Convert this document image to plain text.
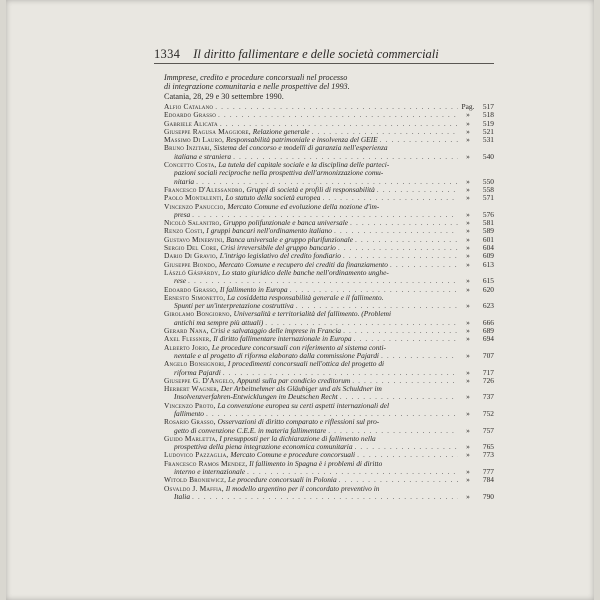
1334 Il diritto fallimentare e delle società commerciali
Immprese, credito e procedure concorsuali nel processo
di integrazione comunitaria e nelle prospettive del 1993.
Catania, 28, 29 e 30 settembre 1990.
Alfio Catalano . . .	Pag.	517
Edoardo Grasso . . .	»	518
Gabriele Alicata . . .	»	519
Giuseppe Ragusa Maggiore, Relazione generale . . .	»	521
Massimo Di Lauro, Responsabilità patrimoniale e insolvenza del GEIE . . .	»	531
Bruno Inzitari, Sistema del concorso e modelli di garanzia nell'esperienza
italiana e straniera . . .	»	540
Concetto Costa, La tutela del capitale sociale e la disciplina delle parteci-
pazioni sociali reciproche nella prospettiva dell'armonizzazione comu-
nitaria . . .	»	550
Francesco D'Alessandro, Gruppi di società e profili di responsabilità . . .	»	558
Paolo Montalenti, Lo statuto della società europea . . .	»	571
Vincenzo Panuccio, Mercato Comune ed evoluzione della nozione d'im-
presa . . .	»	576
Nicolò Salanitro, Gruppo polifunzionale e banca universale . . .	»	581
Renzo Costi, I gruppi bancari nell'ordinamento italiano . . .	»	589
Gustavo Minervini, Banca universale e gruppo plurifunzionale . . .	»	601
Sergio Del Core, Crisi irreversibile del gruppo bancario . . .	»	604
Dario Di Gravio, L'intrigo legislativo del credito fondiario . . .	»	609
Giuseppe Biondo, Mercato Comune e recupero dei crediti da finanziamento . . .	»	613
László Gáspárdy, Lo stato giuridico delle banche nell'ordinamento unghe-
rese . . .	»	615
Edoardo Grasso, Il fallimento in Europa . . .	»	620
Ernesto Simonetto, La cosiddetta responsabilità generale e il fallimento.
Spunti per un'interpretazione costruttiva . . .	»	623
Girolamo Bongiorno, Universalità e territorialità del fallimento. (Problemi
antichi ma sempre più attuali) . . .	»	666
Gerard Nana, Crisi e salvataggio delle imprese in Francia . . .	»	689
Axel Flessner, Il diritto fallimentare internazionale in Europa . . .	»	694
Alberto Jorio, Le procedure concorsuali con riferimento al sistema conti-
nentale e al progetto di riforma elaborato dalla commissione Pajardi . . .	»	707
Angelo Bonsignori, I procedimenti concorsuali nell'ottica del progetto di
riforma Pajardi . . .	»	717
Giuseppe G. D'Angelo, Appunti sulla par condicio creditorum . . .	»	726
Herbert Wagner, Der Arbeitnehmer als Gläubiger und als Schuldner im
Insolvenzverfahren-Entwicklungen im Deutschen Recht . . .	»	737
Vincenzo Proto, La convenzione europea su certi aspetti internazionali del
fallimento . . .	»	752
Rosario Grasso, Osservazioni di diritto comparato e riflessioni sul pro-
getto di convenzione C.E.E. in materia fallimentare . . .	»	757
Guido Marletta, I presupposti per la dichiarazione di fallimento nella
prospettiva della piena integrazione economica comunitaria . . .	»	765
Ludovico Pazzaglia, Mercato Comune e procedure concorsuali . . .	»	773
Francesco Ramos Mendez, Il fallimento in Spagna è i problemi di diritto
interno e internazionale . . .	»	777
Witold Broniewicz, Le procedure concorsuali in Polonia . . .	»	784
Osvaldo J. Maffia, Il modello argentino per il concordato preventivo in
Italia . . .	»	790
